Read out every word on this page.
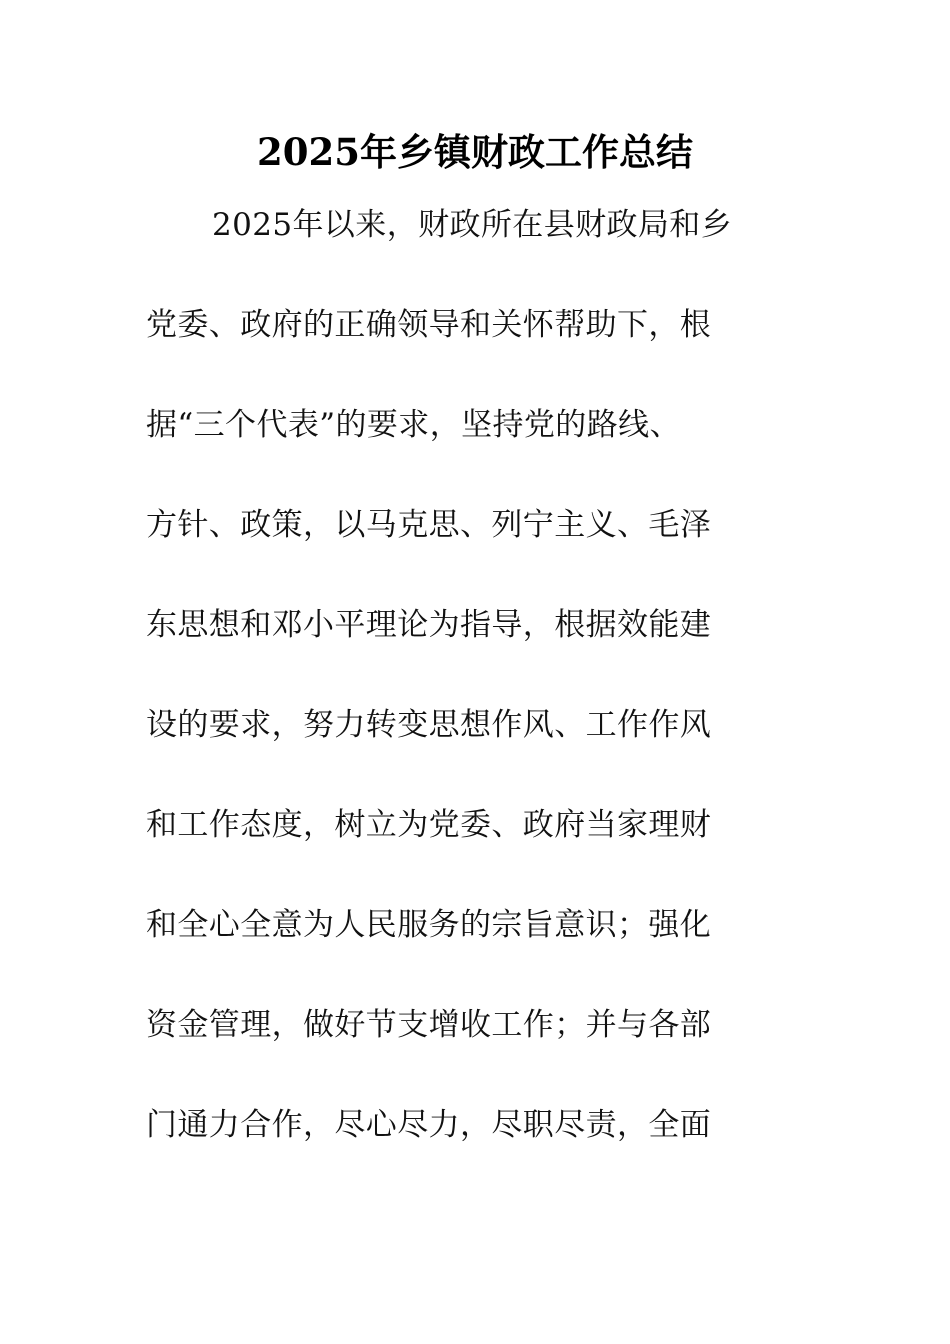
2025年乡镇财政工作总结
2025年以来，财政所在县财政局和乡
党委、政府的正确领导和关怀帮助下，根
据“三个代表”的要求，坚持党的路线、
方针、政策，以马克思、列宁主义、毛泽
东思想和邓小平理论为指导，根据效能建
设的要求，努力转变思想作风、工作作风
和工作态度，树立为党委、政府当家理财
和全心全意为人民服务的宗旨意识；强化
资金管理，做好节支增收工作；并与各部
门通力合作，尽心尽力，尽职尽责，全面
